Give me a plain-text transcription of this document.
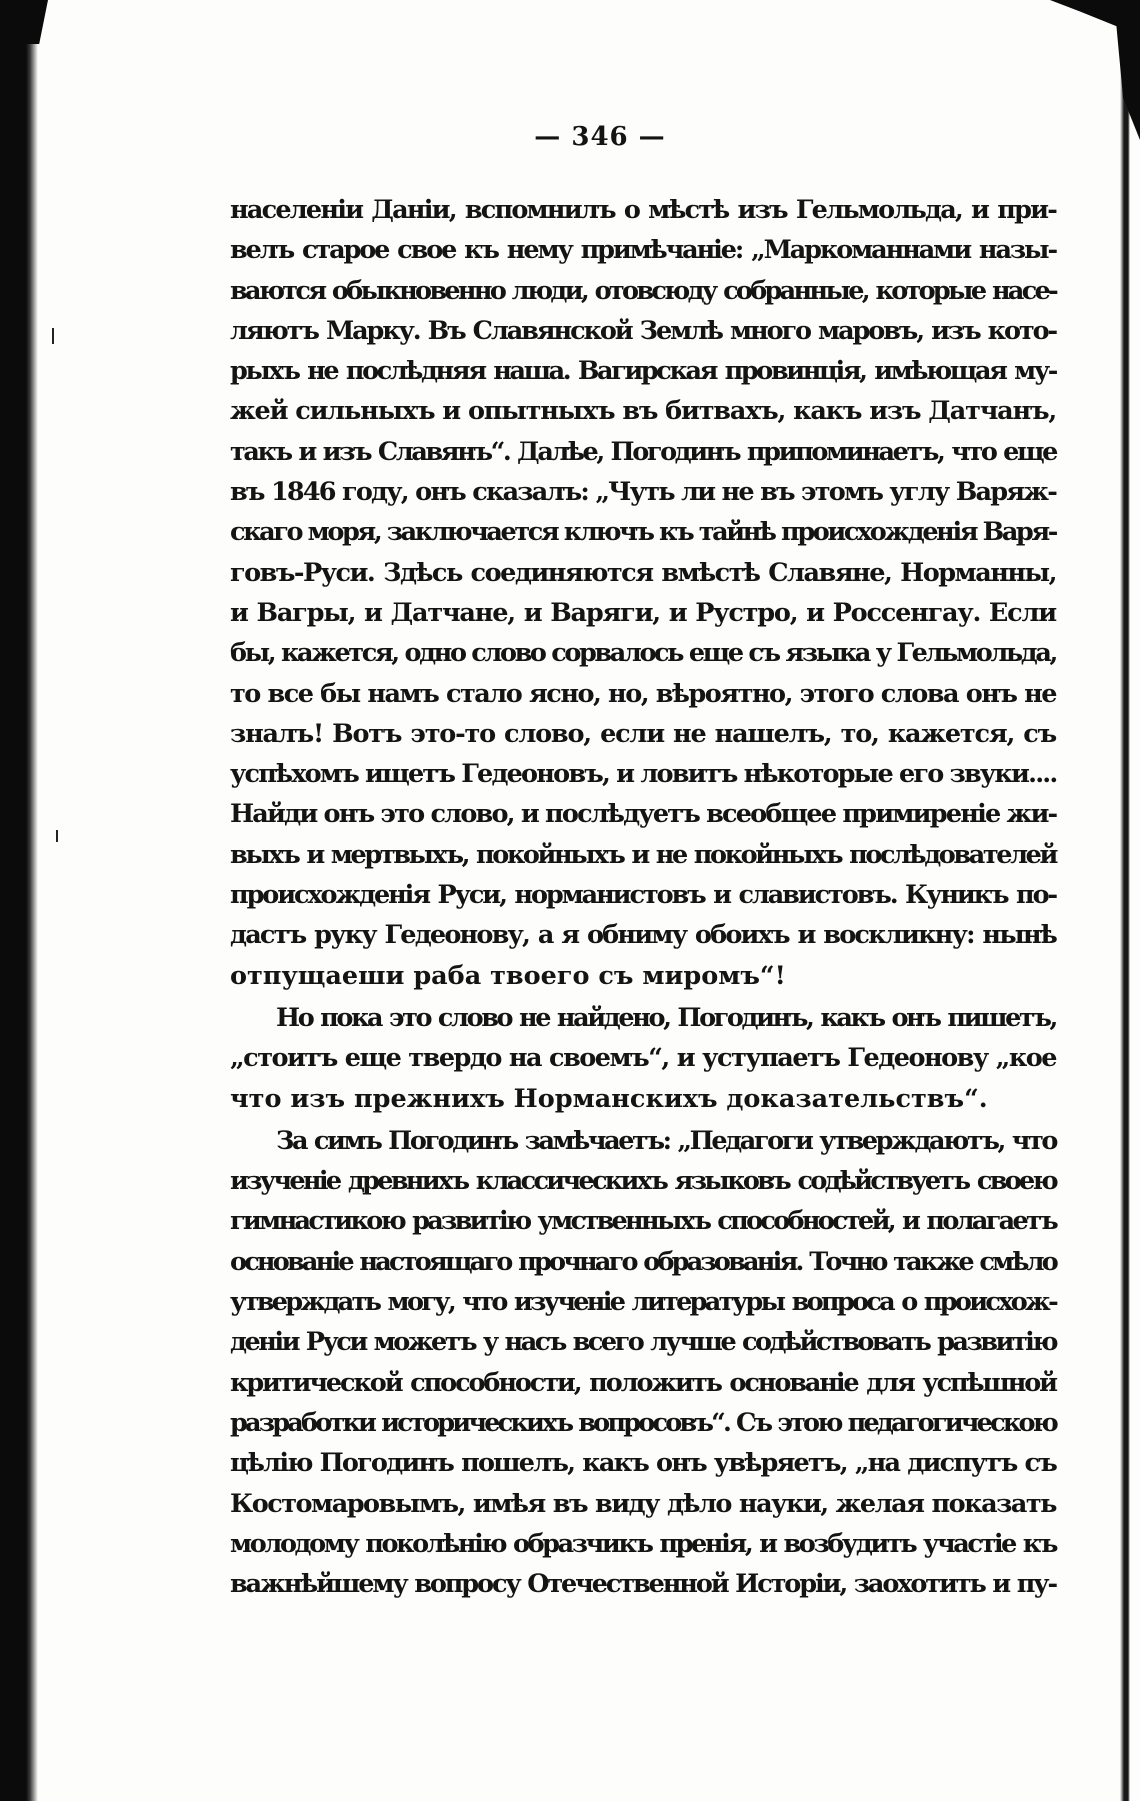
— 346 —
населеніи Даніи, вспомнилъ о мѣстѣ изъ Гельмольда, и при-
велъ старое свое къ нему примѣчаніе: „Маркоманнами назы-
ваются обыкновенно люди, отовсюду собранные, которые насе-
ляютъ Марку. Въ Славянской Землѣ много маровъ, изъ кото-
рыхъ не послѣдняя наша. Вагирская провинція, имѣющая му-
жей сильныхъ и опытныхъ въ битвахъ, какъ изъ Датчанъ,
такъ и изъ Славянъ“. Далѣе, Погодинъ припоминаетъ, что еще
въ 1846 году, онъ сказалъ: „Чуть ли не въ этомъ углу Варяж-
скаго моря, заключается ключъ къ тайнѣ происхожденія Варя-
говъ-Руси. Здѣсь соединяются вмѣстѣ Славяне, Норманны,
и Вагры, и Датчане, и Варяги, и Рустро, и Россенгау. Если
бы, кажется, одно слово сорвалось еще съ языка у Гельмольда,
то все бы намъ стало ясно, но, вѣроятно, этого слова онъ не
зналъ! Вотъ это-то слово, если не нашелъ, то, кажется, съ
успѣхомъ ищетъ Гедеоновъ, и ловитъ нѣкоторые его звуки....
Найди онъ это слово, и послѣдуетъ всеобщее примиреніе жи-
выхъ и мертвыхъ, покойныхъ и не покойныхъ послѣдователей
происхожденія Руси, норманистовъ и славистовъ. Куникъ по-
дастъ руку Гедеонову, а я обниму обоихъ и воскликну: нынѣ
отпущаеши раба твоего съ миромъ“!
Но пока это слово не найдено, Погодинъ, какъ онъ пишетъ,
„стоитъ еще твердо на своемъ“, и уступаетъ Гедеонову „кое
что изъ прежнихъ Норманскихъ доказательствъ“.
За симъ Погодинъ замѣчаетъ: „Педагоги утверждаютъ, что
изученіе древнихъ классическихъ языковъ содѣйствуетъ своею
гимнастикою развитію умственныхъ способностей, и полагаетъ
основаніе настоящаго прочнаго образованія. Точно также смѣло
утверждать могу, что изученіе литературы вопроса о происхож-
деніи Руси можетъ у насъ всего лучше содѣйствовать развитію
критической способности, положить основаніе для успѣшной
разработки историческихъ вопросовъ“. Съ этою педагогическою
цѣлію Погодинъ пошелъ, какъ онъ увѣряетъ, „на диспутъ съ
Костомаровымъ, имѣя въ виду дѣло науки, желая показать
молодому поколѣнію образчикъ пренія, и возбудить участіе къ
важнѣйшему вопросу Отечественной Исторіи, заохотить и пу-
